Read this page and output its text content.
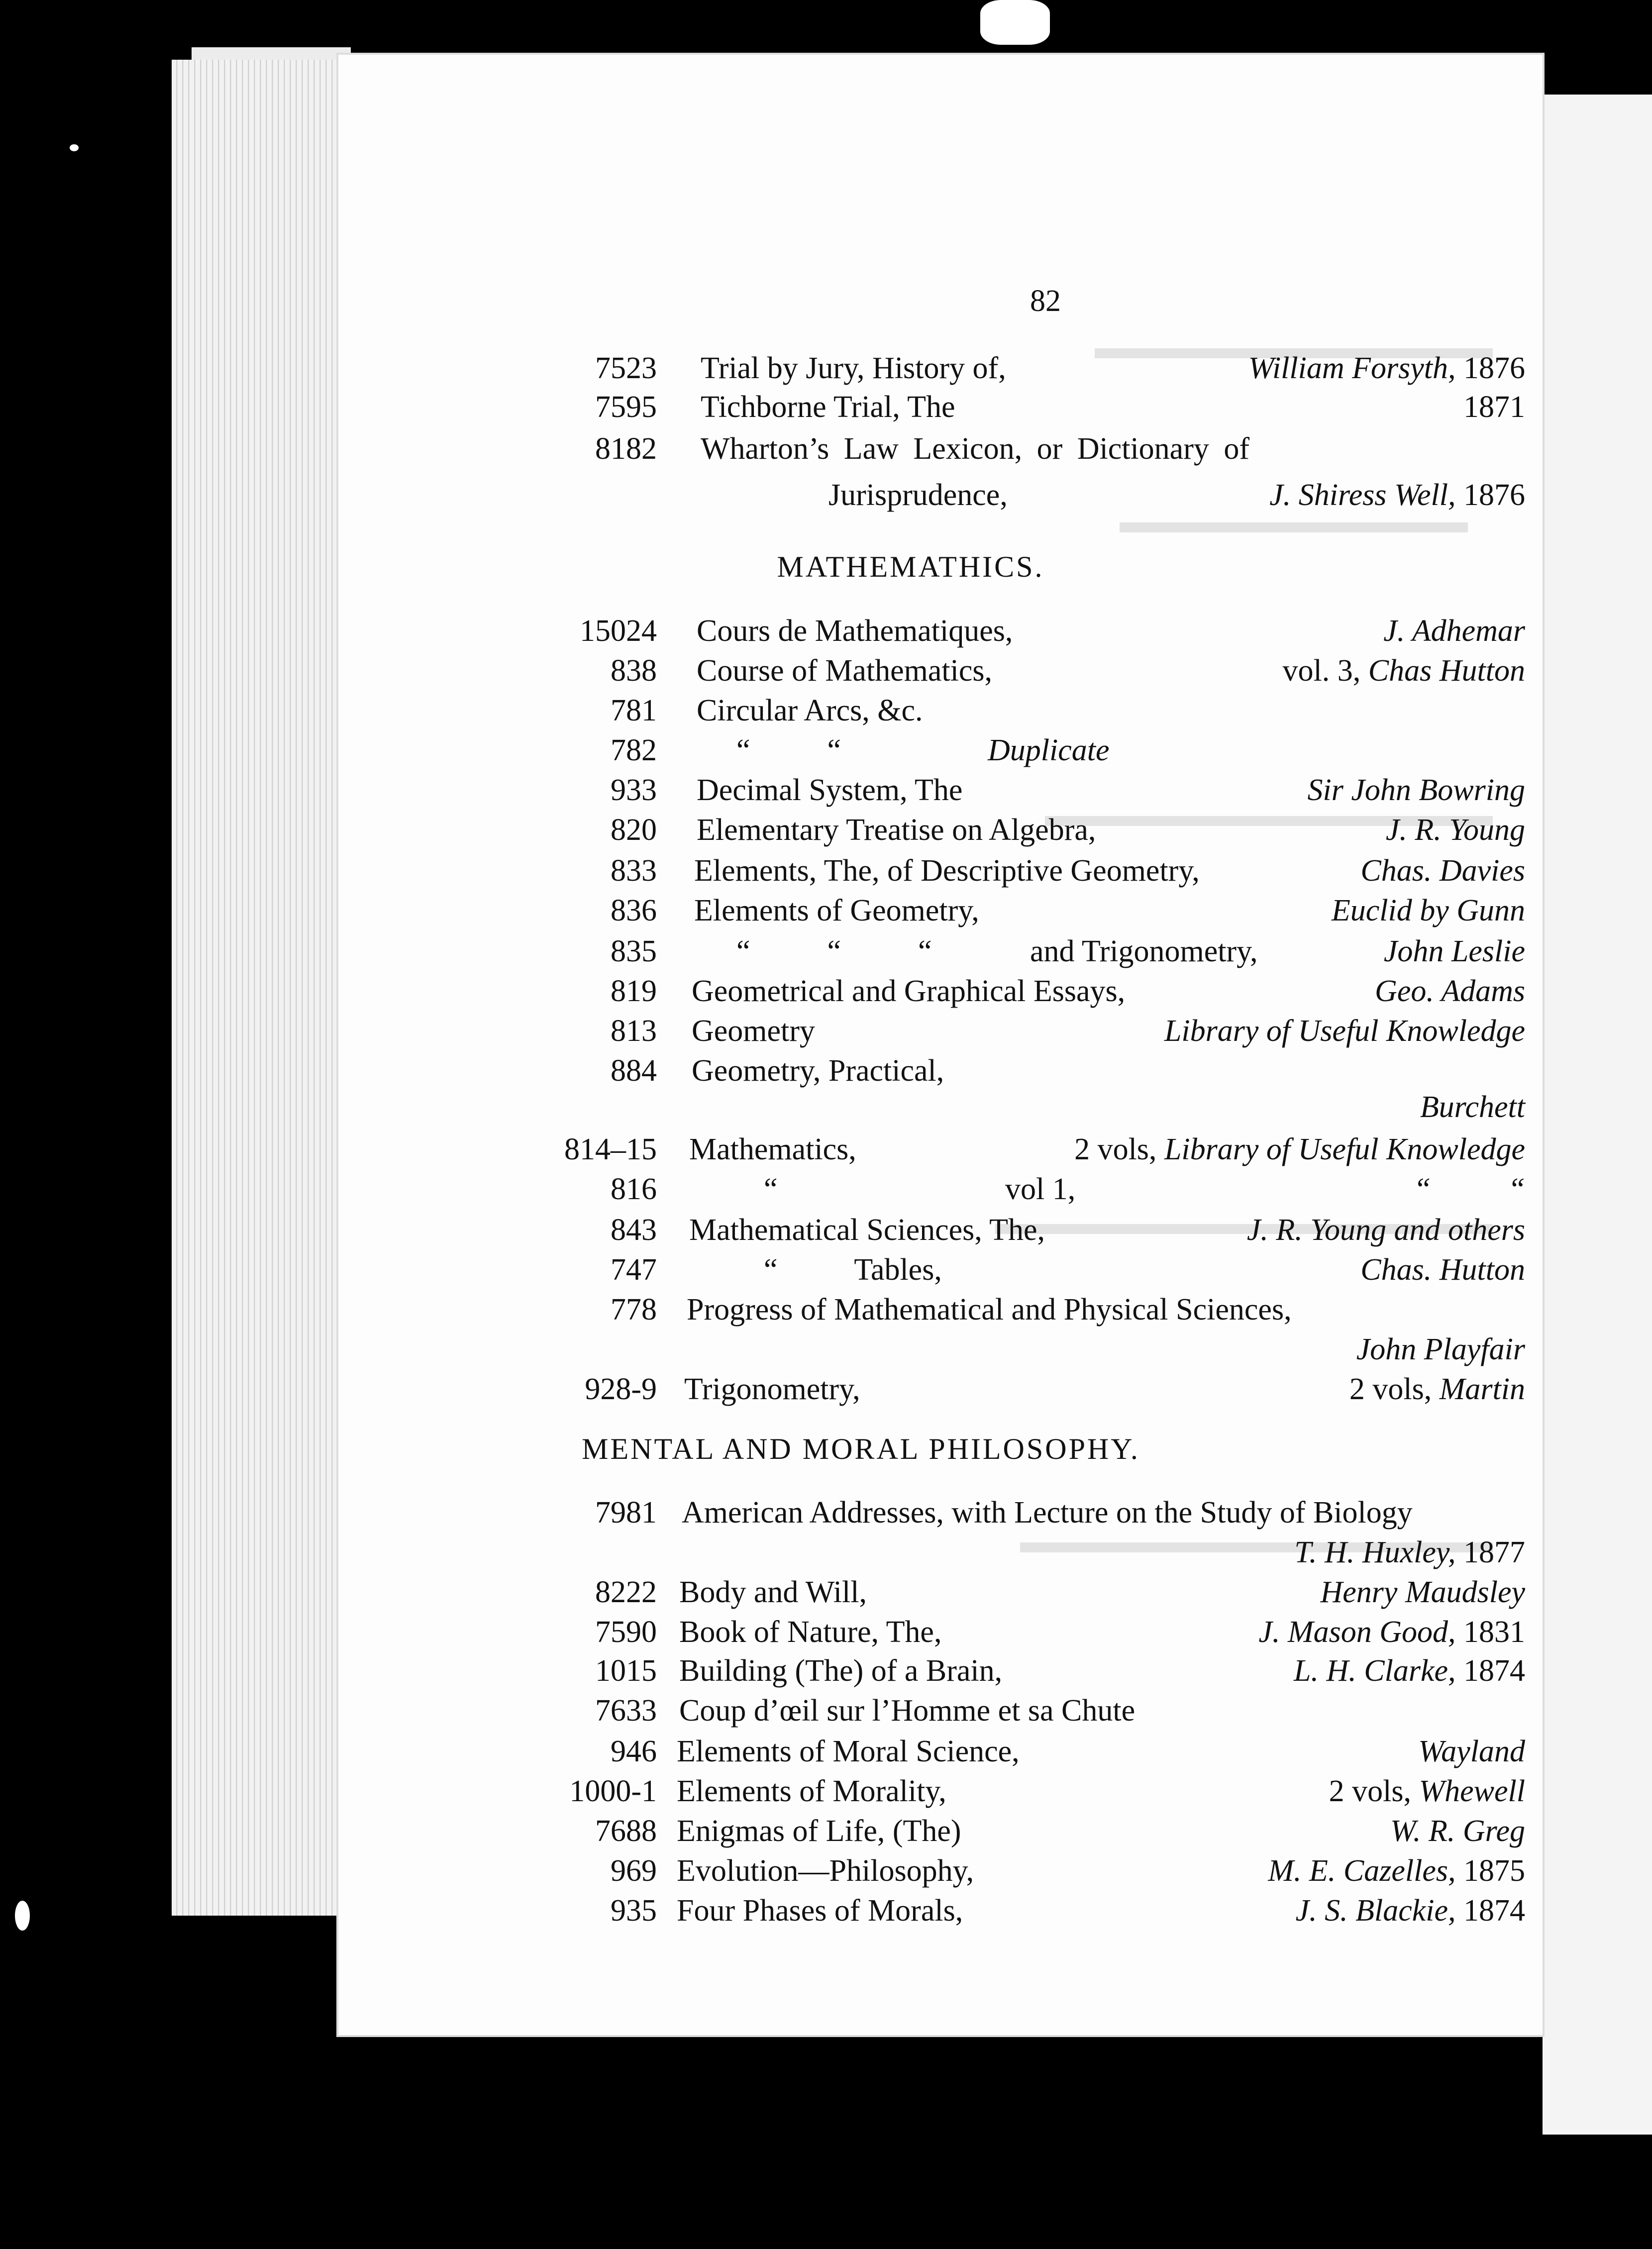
82
7523 Trial by Jury, History of,	William Forsyth, 1876
7595 Tichborne Trial, The	1871
8182 Wharton’s Law Lexicon, or Dictionary of
Jurisprudence,	J. Shiress Well, 1876
MATHEMATHICS.
15024 Cours de Mathematiques,	J. Adhemar
838 Course of Mathematics,	vol. 3, Chas Hutton
781 Circular Arcs, &c.
782	“          “	Duplicate
933 Decimal System, The	Sir John Bowring
820 Elementary Treatise on Algebra,	J. R. Young
833 Elements, The, of Descriptive Geometry,	Chas. Davies
836 Elements of Geometry,	Euclid by Gunn
835	“          “          “	and Trigonometry,	John Leslie
819 Geometrical and Graphical Essays,	Geo. Adams
813 Geometry	Library of Useful Knowledge
884 Geometry, Practical,
Burchett
814–15 Mathematics,	2 vols, Library of Useful Knowledge
816	“	vol 1,	“          “
843 Mathematical Sciences, The,	J. R. Young and others
747	“          Tables,	Chas. Hutton
778 Progress of Mathematical and Physical Sciences,
John Playfair
928-9 Trigonometry,	2 vols, Martin
MENTAL AND MORAL PHILOSOPHY.
7981 American Addresses, with Lecture on the Study of Biology
T. H. Huxley, 1877
8222 Body and Will,	Henry Maudsley
7590 Book of Nature, The,	J. Mason Good, 1831
1015 Building (The) of a Brain,	L. H. Clarke, 1874
7633 Coup d’œil sur l’Homme et sa Chute
946 Elements of Moral Science,	Wayland
1000-1 Elements of Morality,	2 vols, Whewell
7688 Enigmas of Life, (The)	W. R. Greg
969 Evolution—Philosophy,	M. E. Cazelles, 1875
935 Four Phases of Morals,	J. S. Blackie, 1874
